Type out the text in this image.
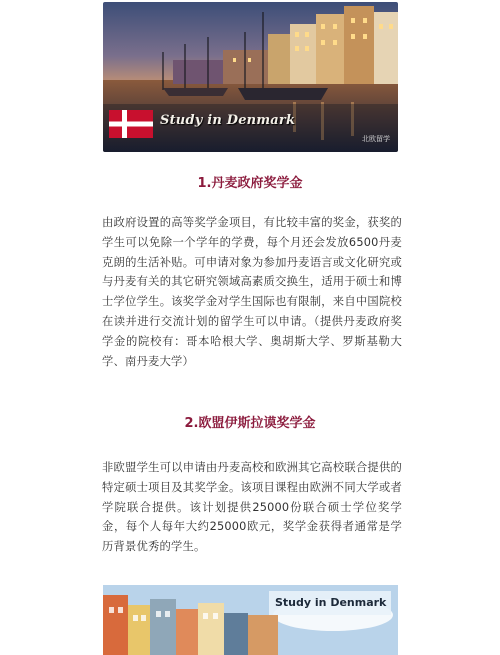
Study in Denmark
北欧留学
1.丹麦政府奖学金
由政府设置的高等奖学金项目，有比较丰富的奖金，获奖的学生可以免除一个学年的学费，每个月还会发放6500丹麦克朗的生活补贴。可申请对象为参加丹麦语言或文化研究或与丹麦有关的其它研究领域高素质交换生，适用于硕士和博士学位学生。该奖学金对学生国际也有限制，来自中国院校在读并进行交流计划的留学生可以申请。（提供丹麦政府奖学金的院校有：哥本哈根大学、奥胡斯大学、罗斯基勒大学、南丹麦大学）
2.欧盟伊斯拉谟奖学金
非欧盟学生可以申请由丹麦高校和欧洲其它高校联合提供的特定硕士项目及其奖学金。该项目课程由欧洲不同大学或者学院联合提供。该计划提供25000份联合硕士学位奖学金，每个人每年大约25000欧元，奖学金获得者通常是学历背景优秀的学生。
Study in Denmark
